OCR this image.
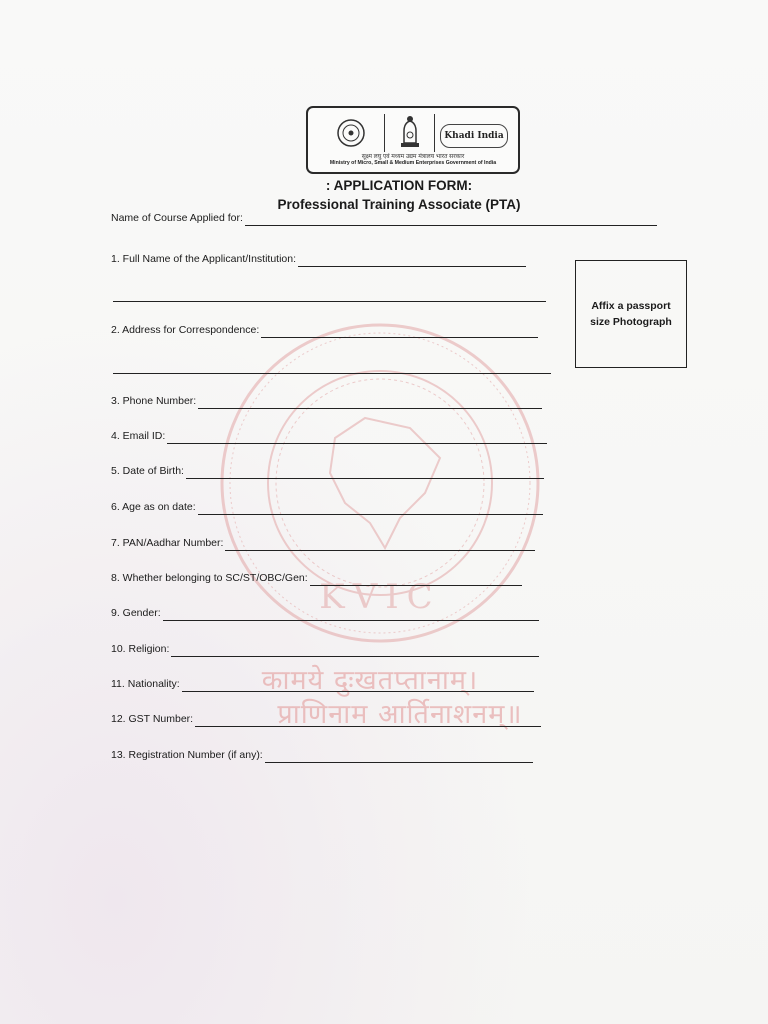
KVIC
कामये दुःखतप्तानाम्।
प्राणिनाम आर्तिनाशनम्॥
Khadi India
सूक्ष्म लघु एवं मध्यम उद्यम मंत्रालय भारत सरकार
Ministry of Micro, Small & Medium Enterprises Government of India
: APPLICATION FORM:
Professional Training Associate (PTA)
Name of Course Applied for:
1. Full Name of the Applicant/Institution:
2. Address for Correspondence:
3. Phone Number:
4. Email ID:
5. Date of Birth:
6. Age as on date:
7. PAN/Aadhar Number:
8. Whether belonging to SC/ST/OBC/Gen:
9. Gender:
10. Religion:
11. Nationality:
12. GST Number:
13. Registration Number (if any):
Affix a passport size Photograph
